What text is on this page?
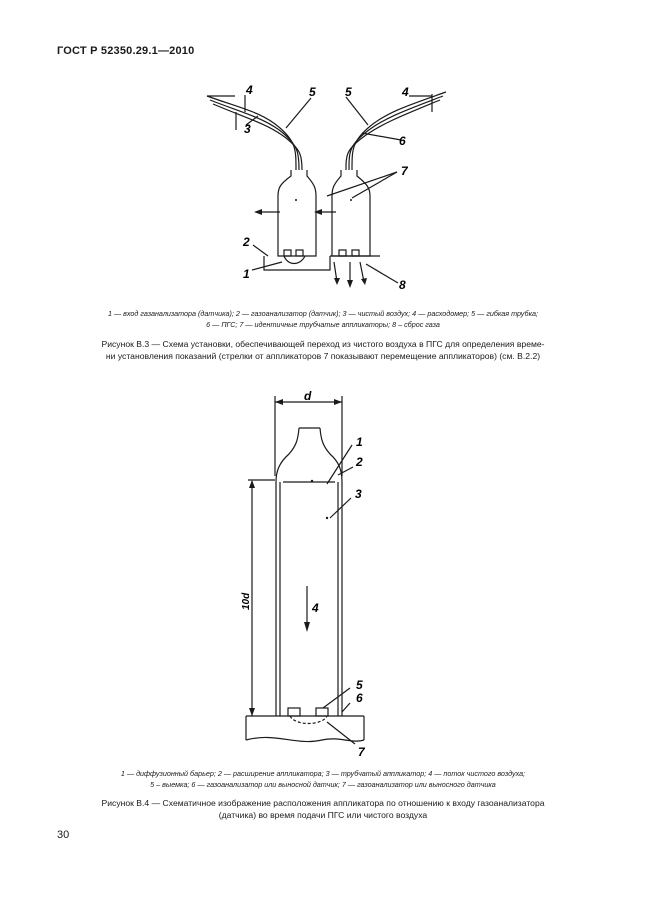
ГОСТ Р 52350.29.1—2010
2
1
4
3
5 5	4
6
7
8
1 — вход газанализатора (датчика); 2 — газоанализатор (датчик); 3 — чистый воздух; 4 — расходомер; 5 — гибкая трубка;
6 — ПГС; 7 — идентичные трубчатые аппликаторы; 8 – сброс газа
Рисунок В.3 — Схема установки, обеспечивающей переход из чистого воздуха в ПГС для определения време-
ни установления показаний (стрелки от аппликаторов 7 показывают перемещение аппликаторов) (см. В.2.2)
d
10d
1
2
3
4
5
6
7
1 — диффузионный барьер; 2 — расширение аппликатора; 3 — трубчатый аппликатор; 4 — поток чистого воздуха;
5 – выемка; 6 — газоанализатор или выносной датчик; 7 — газоанализатор или выносного датчика
Рисунок В.4 — Схематичное изображение расположения аппликатора по отношению к входу газоанализатора
(датчика) во время подачи ПГС или чистого воздуха
30
